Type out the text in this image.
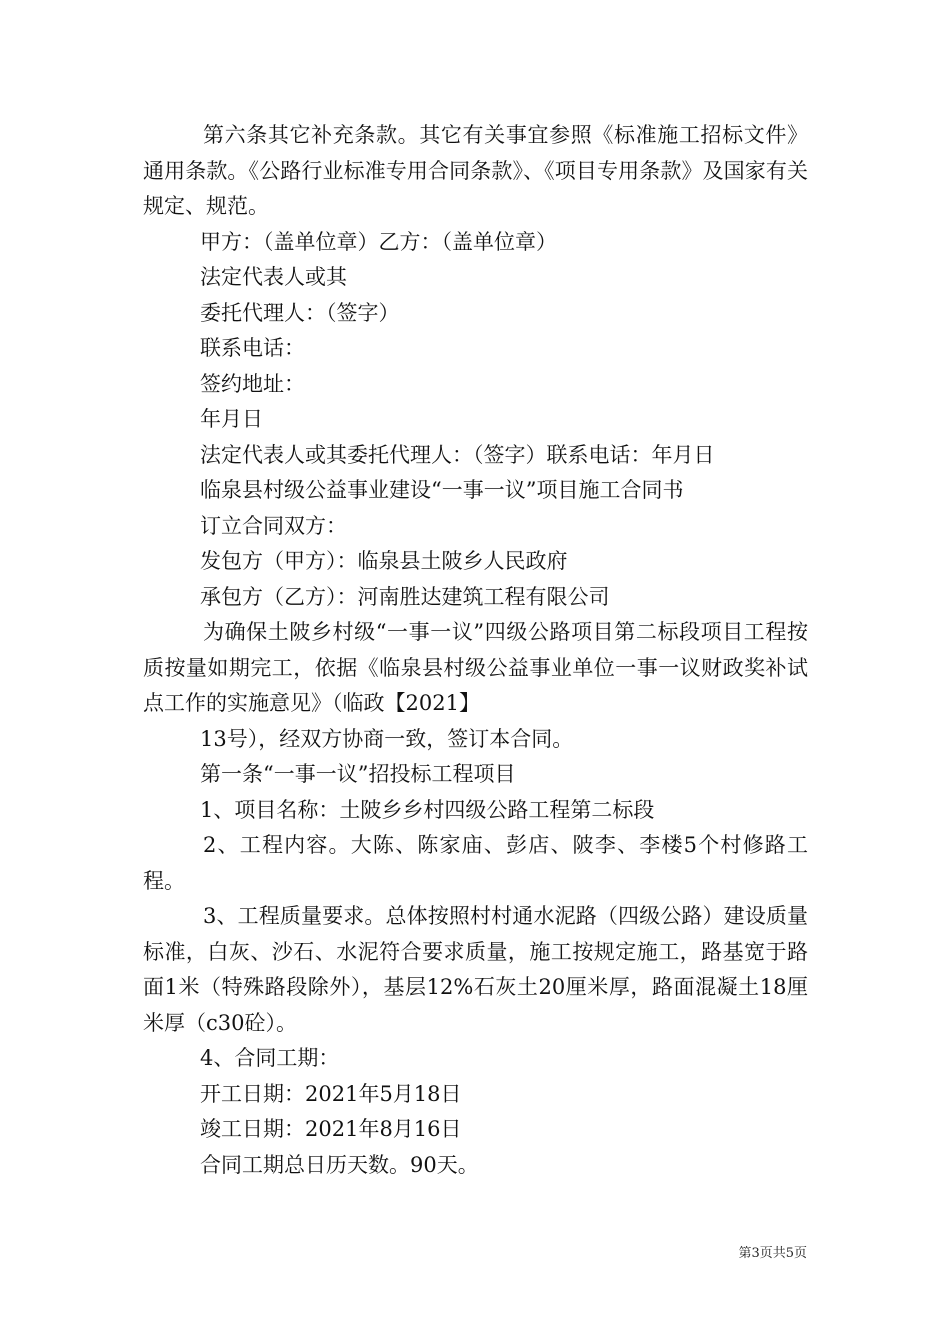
第六条其它补充条款。其它有关事宜参照《标准施工招标文件》通用条款。《公路行业标准专用合同条款》、《项目专用条款》及国家有关规定、规范。

甲方：（盖单位章）乙方：（盖单位章）
法定代表人或其
委托代理人：（签字）
联系电话：
签约地址：
年月日
法定代表人或其委托代理人：（签字）联系电话：年月日
临泉县村级公益事业建设“一事一议”项目施工合同书
订立合同双方：
发包方（甲方）：临泉县土陂乡人民政府
承包方（乙方）：河南胜达建筑工程有限公司

为确保土陂乡村级“一事一议”四级公路项目第二标段项目工程按质按量如期完工，依据《临泉县村级公益事业单位一事一议财政奖补试点工作的实施意见》（临政【2021】

13号），经双方协商一致，签订本合同。
第一条“一事一议”招投标工程项目
1、项目名称：土陂乡乡村四级公路工程第二标段

2、工程内容。大陈、陈家庙、彭店、陂李、李楼5个村修路工程。

3、工程质量要求。总体按照村村通水泥路（四级公路）建设质量标准，白灰、沙石、水泥符合要求质量，施工按规定施工，路基宽于路面1米（特殊路段除外），基层12%石灰土20厘米厚，路面混凝土18厘米厚（c30砼）。

4、合同工期：
开工日期：2021年5月18日
竣工日期：2021年8月16日
合同工期总日历天数。90天。
第3页共5页
